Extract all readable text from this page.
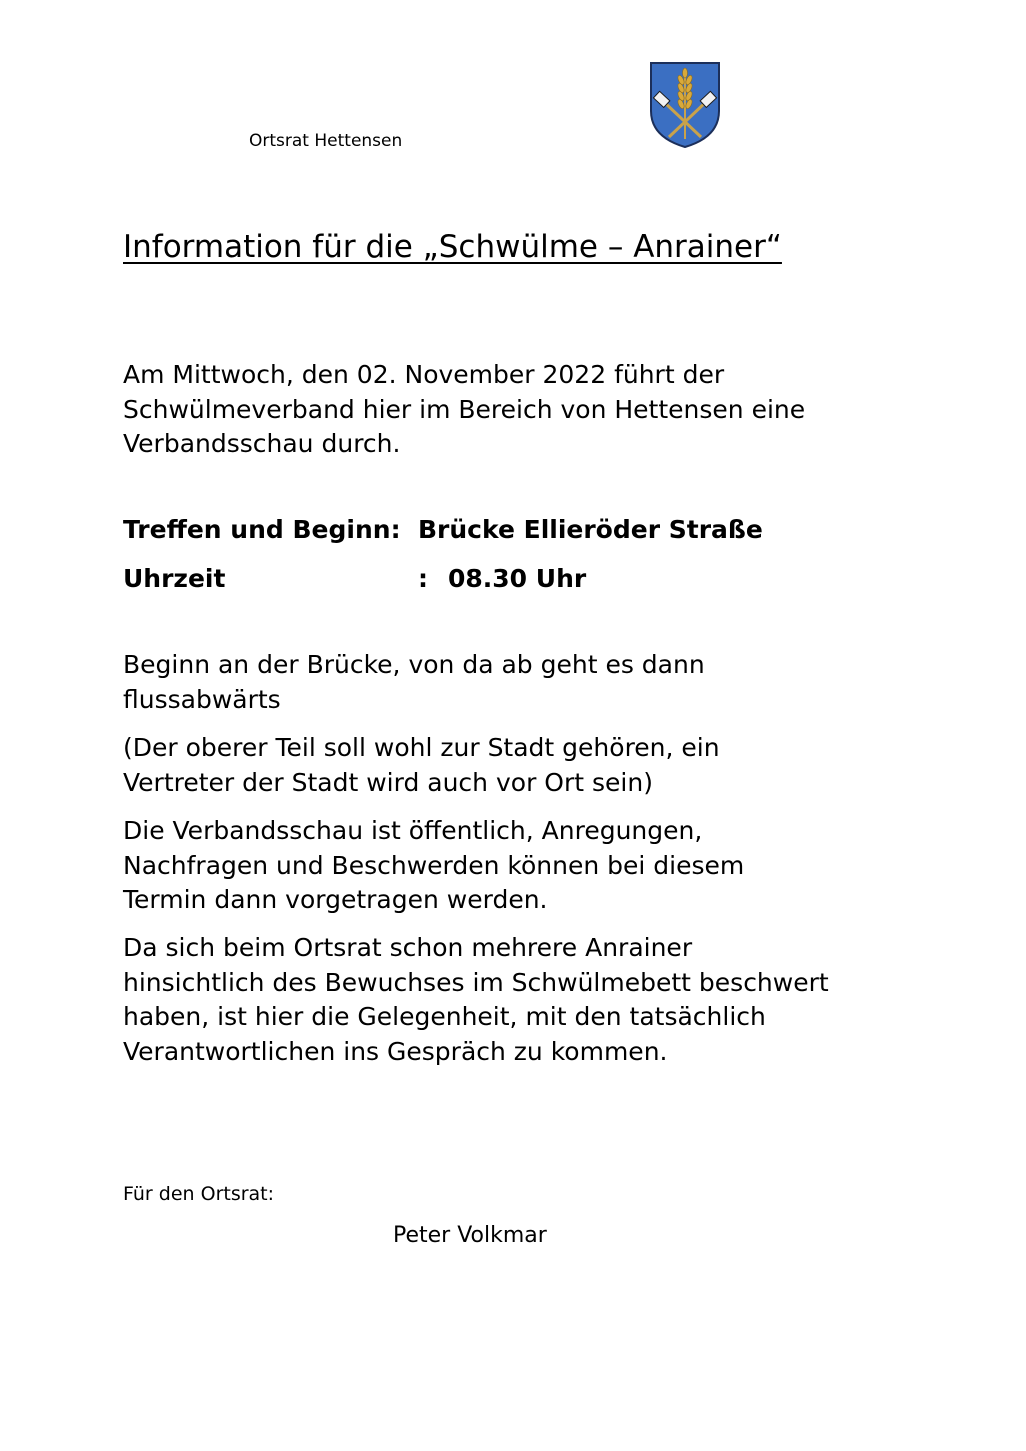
Ortsrat Hettensen
Information für die „Schwülme – Anrainer“

Am Mittwoch, den 02. November 2022 führt der
Schwülmeverband hier im Bereich von Hettensen eine
Verbandsschau durch.

Treffen und Beginn: Brücke Ellieröder Straße
Uhrzeit	: 08.30 Uhr

Beginn an der Brücke, von da ab geht es dann
flussabwärts

(Der oberer Teil soll wohl zur Stadt gehören, ein
Vertreter der Stadt wird auch vor Ort sein)

Die Verbandsschau ist öffentlich, Anregungen,
Nachfragen und Beschwerden können bei diesem
Termin dann vorgetragen werden.

Da sich beim Ortsrat schon mehrere Anrainer
hinsichtlich des Bewuchses im Schwülmebett beschwert
haben, ist hier die Gelegenheit, mit den tatsächlich
Verantwortlichen ins Gespräch zu kommen.

Für den Ortsrat:
Peter Volkmar
